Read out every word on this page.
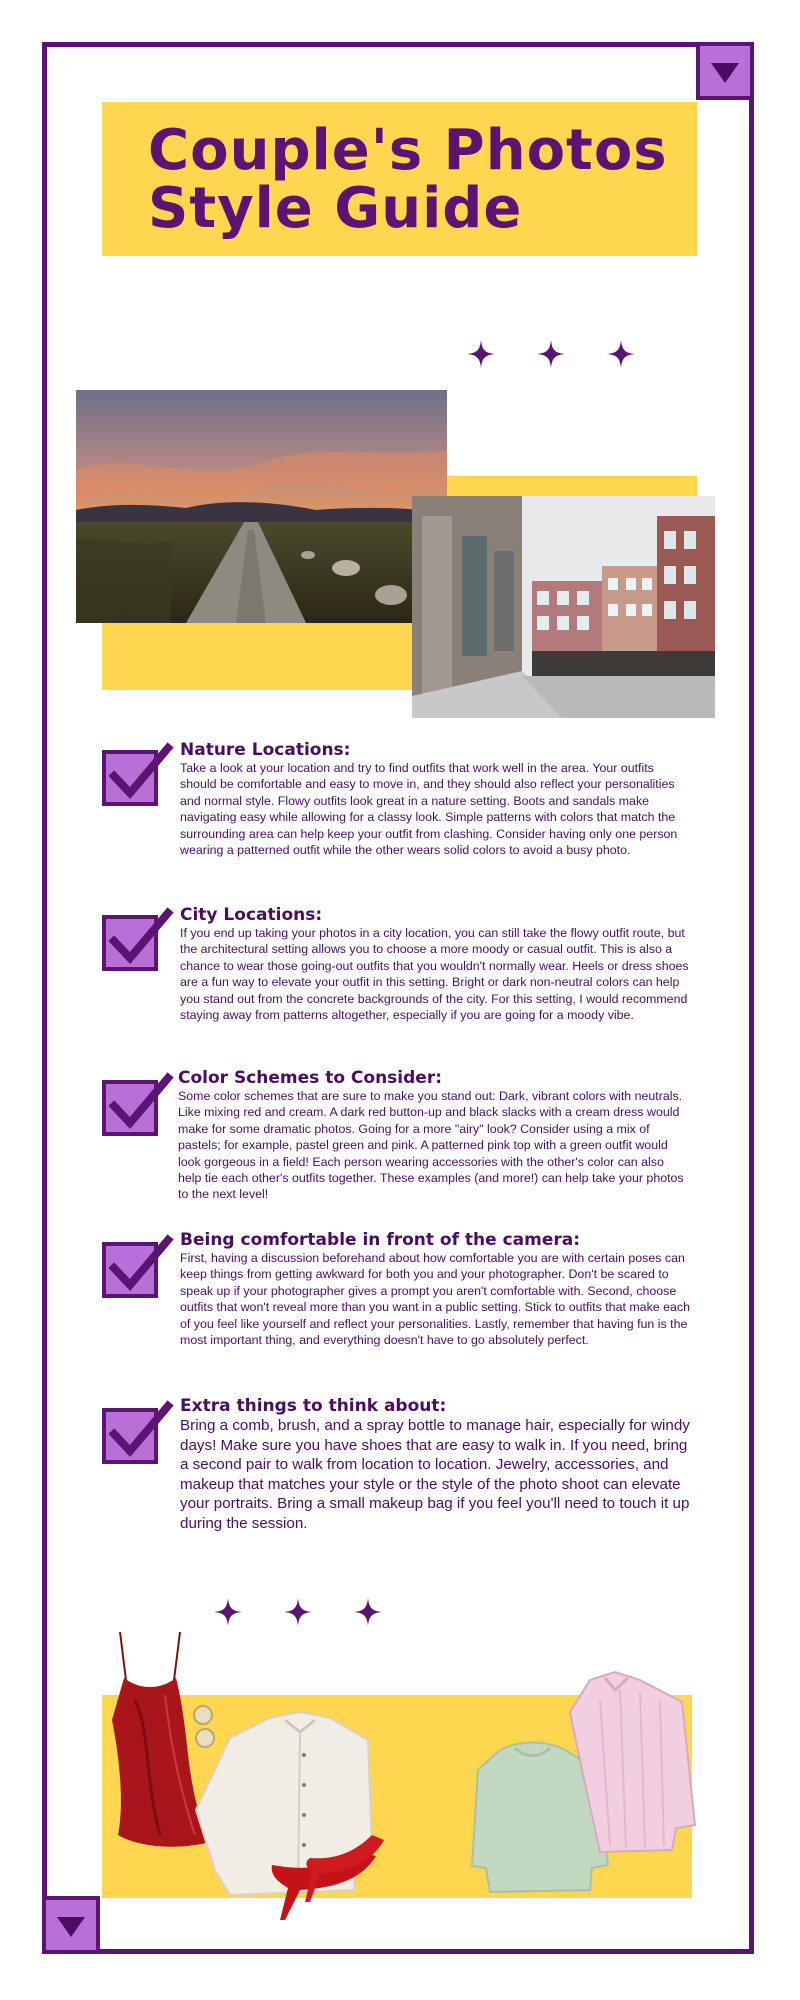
Couple's Photos
Style Guide
Nature Locations:

Take a look at your location and try to find outfits that work well in the area. Your outfits should be comfortable and easy to move in, and they should also reflect your personalities and normal style. Flowy outfits look great in a nature setting. Boots and sandals make navigating easy while allowing for a classy look. Simple patterns with colors that match the surrounding area can help keep your outfit from clashing. Consider having only one person wearing a patterned outfit while the other wears solid colors to avoid a busy photo.

City Locations:

If you end up taking your photos in a city location, you can still take the flowy outfit route, but the architectural setting allows you to choose a more moody or casual outfit. This is also a chance to wear those going-out outfits that you wouldn't normally wear. Heels or dress shoes are a fun way to elevate your outfit in this setting. Bright or dark non-neutral colors can help you stand out from the concrete backgrounds of the city. For this setting, I would recommend staying away from patterns altogether, especially if you are going for a moody vibe.

Color Schemes to Consider:

Some color schemes that are sure to make you stand out: Dark, vibrant colors with neutrals. Like mixing red and cream. A dark red button-up and black slacks with a cream dress would make for some dramatic photos. Going for a more "airy" look? Consider using a mix of pastels; for example, pastel green and pink. A patterned pink top with a green outfit would look gorgeous in a field! Each person wearing accessories with the other's color can also help tie each other's outfits together. These examples (and more!) can help take your photos to the next level!

Being comfortable in front of the camera:

First, having a discussion beforehand about how comfortable you are with certain poses can keep things from getting awkward for both you and your photographer. Don't be scared to speak up if your photographer gives a prompt you aren't comfortable with. Second, choose outfits that won't reveal more than you want in a public setting. Stick to outfits that make each of you feel like yourself and reflect your personalities. Lastly, remember that having fun is the most important thing, and everything doesn't have to go absolutely perfect.

Extra things to think about:

Bring a comb, brush, and a spray bottle to manage hair, especially for windy days! Make sure you have shoes that are easy to walk in. If you need, bring a second pair to walk from location to location. Jewelry, accessories, and makeup that matches your style or the style of the photo shoot can elevate your portraits. Bring a small makeup bag if you feel you'll need to touch it up during the session.
